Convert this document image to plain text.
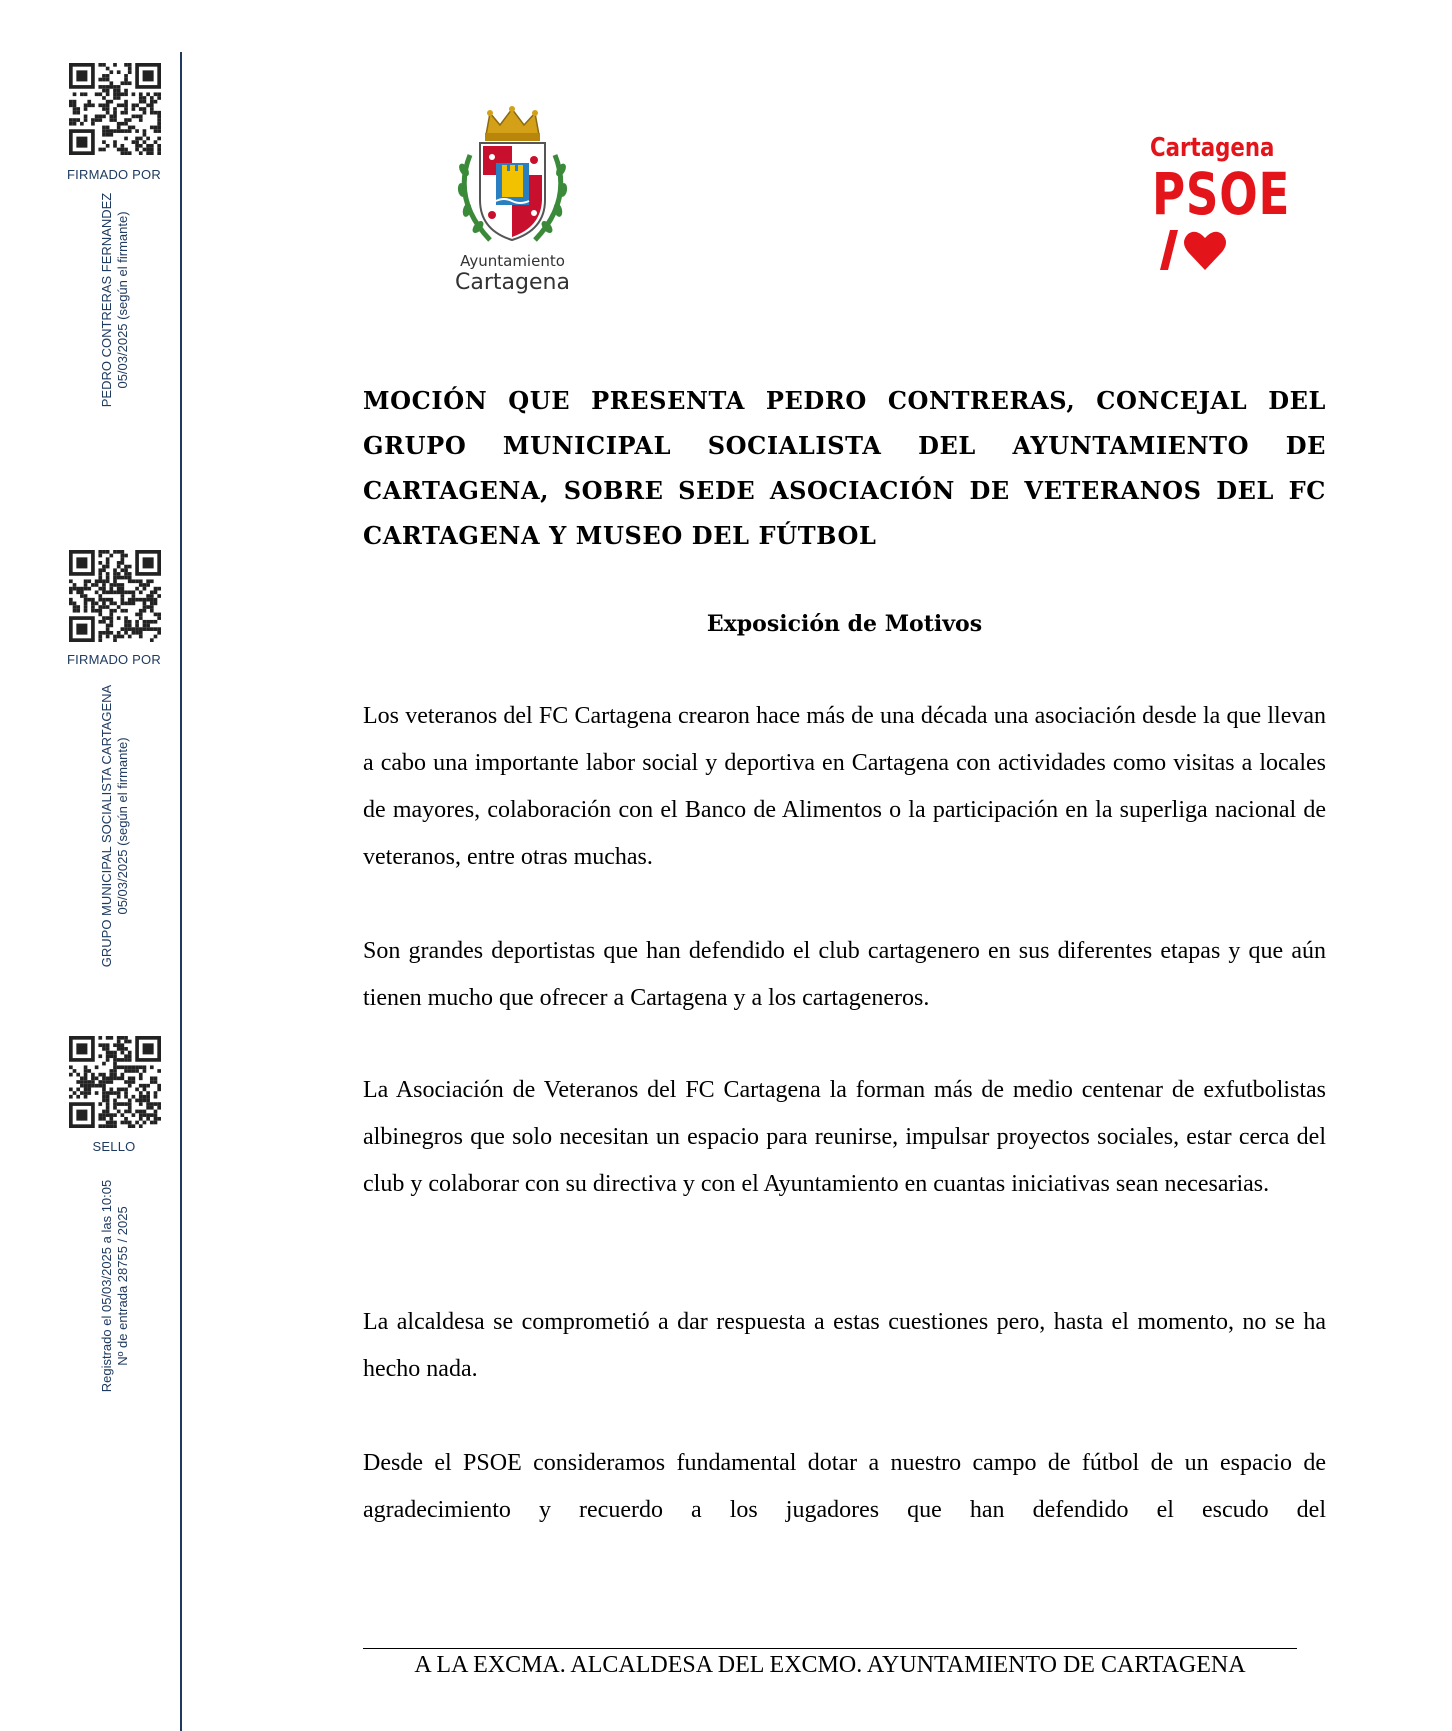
FIRMADO POR
PEDRO CONTRERAS FERNANDEZ 05/03/2025 (según el firmante)
FIRMADO POR
GRUPO MUNICIPAL SOCIALISTA CARTAGENA 05/03/2025 (según el firmante)
SELLO
Registrado el 05/03/2025 a las 10:05 Nº de entrada 28755 / 2025
Ayuntamiento
Cartagena
Cartagena
PSOE
MOCIÓN QUE PRESENTA PEDRO CONTRERAS, CONCEJAL DEL GRUPO MUNICIPAL SOCIALISTA DEL AYUNTAMIENTO DE CARTAGENA, SOBRE SEDE ASOCIACIÓN DE VETERANOS DEL FC CARTAGENA Y MUSEO DEL FÚTBOL
Exposición de Motivos

Los veteranos del FC Cartagena crearon hace más de una década una asociación desde la que llevan a cabo una importante labor social y deportiva en Cartagena con actividades como visitas a locales de mayores, colaboración con el Banco de Alimentos o la participación en la superliga nacional de veteranos, entre otras muchas.

Son grandes deportistas que han defendido el club cartagenero en sus diferentes etapas y que aún tienen mucho que ofrecer a Cartagena y a los cartageneros.

La Asociación de Veteranos del FC Cartagena la forman más de medio centenar de exfutbolistas albinegros que solo necesitan un espacio para reunirse, impulsar proyectos sociales, estar cerca del club y colaborar con su directiva y con el Ayuntamiento en cuantas iniciativas sean necesarias.

La alcaldesa se comprometió a dar respuesta a estas cuestiones pero, hasta el momento, no se ha hecho nada.

Desde el PSOE consideramos fundamental dotar a nuestro campo de fútbol de un espacio de agradecimiento y recuerdo a los jugadores que han defendido el escudo del

A LA EXCMA. ALCALDESA DEL EXCMO. AYUNTAMIENTO DE CARTAGENA
